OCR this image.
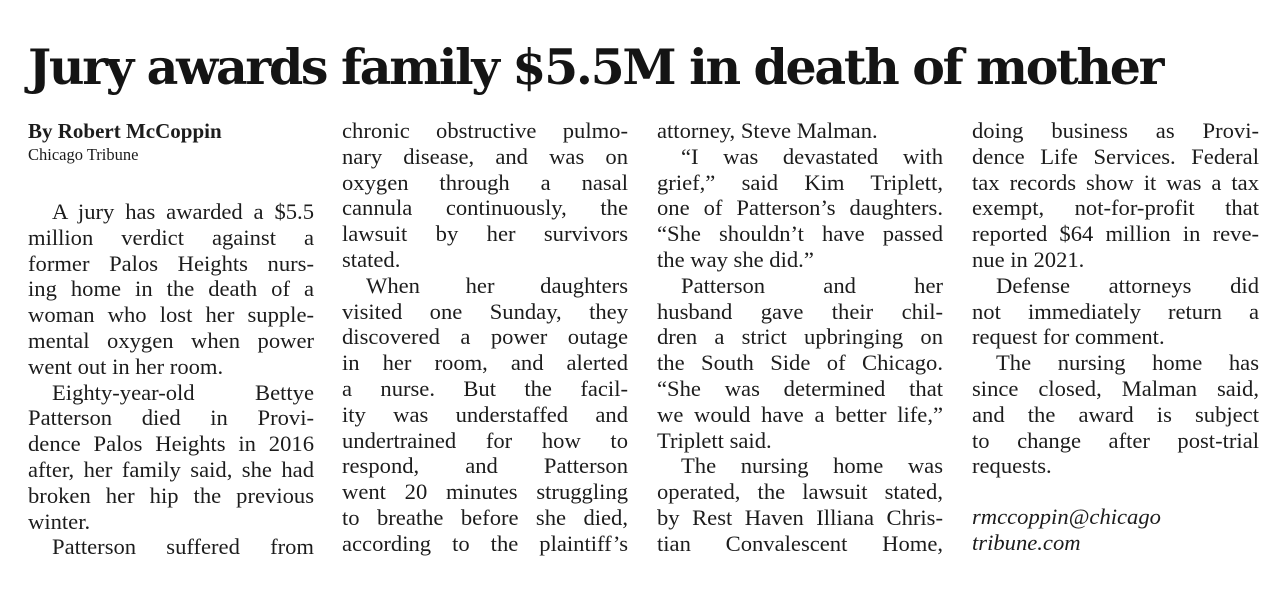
Jury awards family $5.5M in death of mother
By Robert McCoppin
Chicago Tribune
A jury has awarded a $5.5
million verdict against a
former Palos Heights nurs-
ing home in the death of a
woman who lost her supple-
mental oxygen when power
went out in her room.
Eighty-year-old Bettye
Patterson died in Provi-
dence Palos Heights in 2016
after, her family said, she had
broken her hip the previous
winter.
Patterson suffered from
chronic obstructive pulmo-
nary disease, and was on
oxygen through a nasal
cannula continuously, the
lawsuit by her survivors
stated.
When her daughters
visited one Sunday, they
discovered a power outage
in her room, and alerted
a nurse. But the facil-
ity was understaffed and
undertrained for how to
respond, and Patterson
went 20 minutes struggling
to breathe before she died,
according to the plaintiff’s
attorney, Steve Malman.
“I was devastated with
grief,” said Kim Triplett,
one of Patterson’s daughters.
“She shouldn’t have passed
the way she did.”
Patterson and her
husband gave their chil-
dren a strict upbringing on
the South Side of Chicago.
“She was determined that
we would have a better life,”
Triplett said.
The nursing home was
operated, the lawsuit stated,
by Rest Haven Illiana Chris-
tian Convalescent Home,
doing business as Provi-
dence Life Services. Federal
tax records show it was a tax
exempt, not-for-profit that
reported $64 million in reve-
nue in 2021.
Defense attorneys did
not immediately return a
request for comment.
The nursing home has
since closed, Malman said,
and the award is subject
to change after post-trial
requests.
rmccoppin@chicago
tribune.com
